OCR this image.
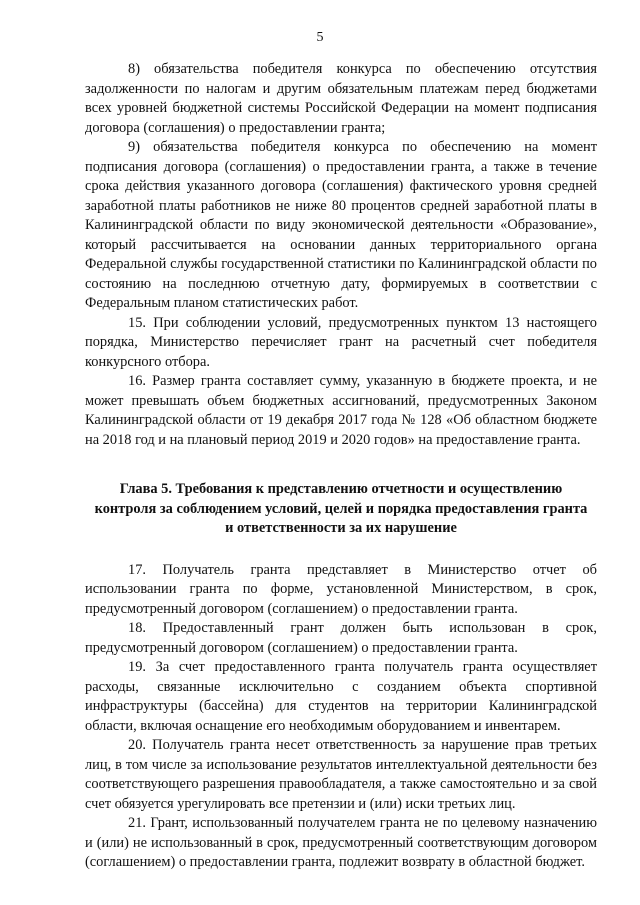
5

8) обязательства победителя конкурса по обеспечению отсутствия задолженности по налогам и другим обязательным платежам перед бюджетами всех уровней бюджетной системы Российской Федерации на момент подписания договора (соглашения) о предоставлении гранта;

9) обязательства победителя конкурса по обеспечению на момент подписания договора (соглашения) о предоставлении гранта, а также в течение срока действия указанного договора (соглашения) фактического уровня средней заработной платы работников не ниже 80 процентов средней заработной платы в Калининградской области по виду экономической деятельности «Образование», который рассчитывается на основании данных территориального органа Федеральной службы государственной статистики по Калининградской области по состоянию на последнюю отчетную дату, формируемых в соответствии с Федеральным планом статистических работ.

15. При соблюдении условий, предусмотренных пунктом 13 настоящего порядка, Министерство перечисляет грант на расчетный счет победителя конкурсного отбора.

16. Размер гранта составляет сумму, указанную в бюджете проекта, и не может превышать объем бюджетных ассигнований, предусмотренных Законом Калининградской области от 19 декабря 2017 года № 128 «Об областном бюджете на 2018 год и на плановый период 2019 и 2020 годов» на предоставление гранта.

Глава 5. Требования к представлению отчетности и осуществлению контроля за соблюдением условий, целей и порядка предоставления гранта и ответственности за их нарушение

17. Получатель гранта представляет в Министерство отчет об использовании гранта по форме, установленной Министерством, в срок, предусмотренный договором (соглашением) о предоставлении гранта.

18. Предоставленный грант должен быть использован в срок, предусмотренный договором (соглашением) о предоставлении гранта.

19. За счет предоставленного гранта получатель гранта осуществляет расходы, связанные исключительно с созданием объекта спортивной инфраструктуры (бассейна) для студентов на территории Калининградской области, включая оснащение его необходимым оборудованием и инвентарем.

20. Получатель гранта несет ответственность за нарушение прав третьих лиц, в том числе за использование результатов интеллектуальной деятельности без соответствующего разрешения правообладателя, а также самостоятельно и за свой счет обязуется урегулировать все претензии и (или) иски третьих лиц.

21. Грант, использованный получателем гранта не по целевому назначению и (или) не использованный в срок, предусмотренный соответствующим договором (соглашением) о предоставлении гранта, подлежит возврату в областной бюджет.
